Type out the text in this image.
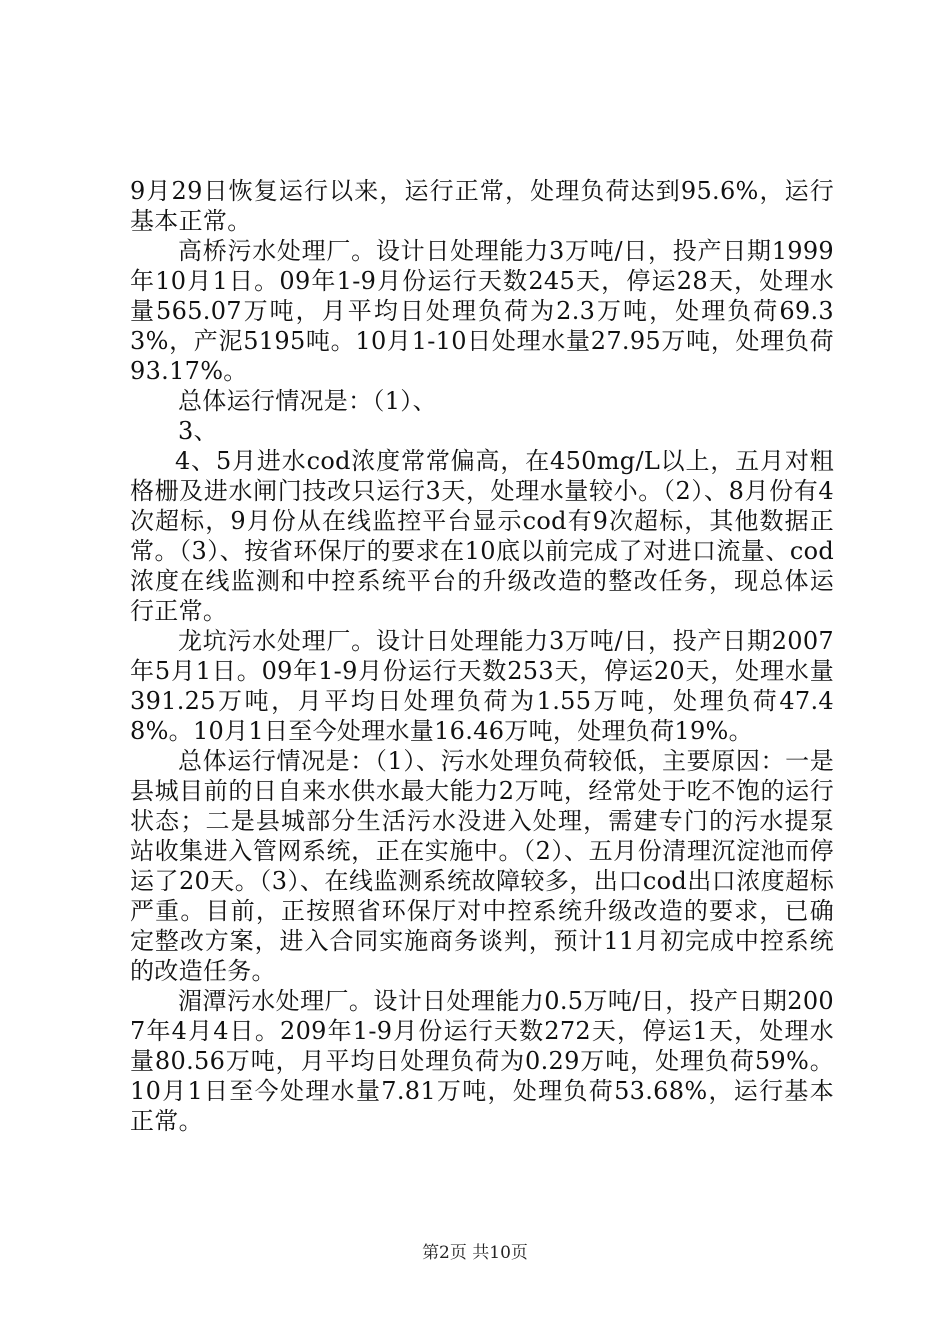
9月29日恢复运行以来，运行正常，处理负荷达到95.6%，运行基本正常。

高桥污水处理厂。设计日处理能力3万吨/日，投产日期1999年10月1日。09年1-9月份运行天数245天，停运28天，处理水量565.07万吨，月平均日处理负荷为2.3万吨，处理负荷69.33%，产泥5195吨。10月1-10日处理水量27.95万吨，处理负荷93.17%。

总体运行情况是：（1）、

3、

4、5月进水cod浓度常常偏高，在450mg/L以上，五月对粗格栅及进水闸门技改只运行3天，处理水量较小。（2）、8月份有4次超标，9月份从在线监控平台显示cod有9次超标，其他数据正常。（3）、按省环保厅的要求在10底以前完成了对进口流量、cod浓度在线监测和中控系统平台的升级改造的整改任务，现总体运行正常。

龙坑污水处理厂。设计日处理能力3万吨/日，投产日期2007年5月1日。09年1-9月份运行天数253天，停运20天，处理水量391.25万吨，月平均日处理负荷为1.55万吨，处理负荷47.48%。10月1日至今处理水量16.46万吨，处理负荷19%。

总体运行情况是：（1）、污水处理负荷较低，主要原因：一是县城目前的日自来水供水最大能力2万吨，经常处于吃不饱的运行状态；二是县城部分生活污水没进入处理，需建专门的污水提泵站收集进入管网系统，正在实施中。（2）、五月份清理沉淀池而停运了20天。（3）、在线监测系统故障较多，出口cod出口浓度超标严重。目前，正按照省环保厅对中控系统升级改造的要求，已确定整改方案，进入合同实施商务谈判，预计11月初完成中控系统的改造任务。

湄潭污水处理厂。设计日处理能力0.5万吨/日，投产日期2007年4月4日。209年1-9月份运行天数272天，停运1天，处理水量80.56万吨，月平均日处理负荷为0.29万吨，处理负荷59%。10月1日至今处理水量7.81万吨，处理负荷53.68%，运行基本正常。

第2页 共10页
